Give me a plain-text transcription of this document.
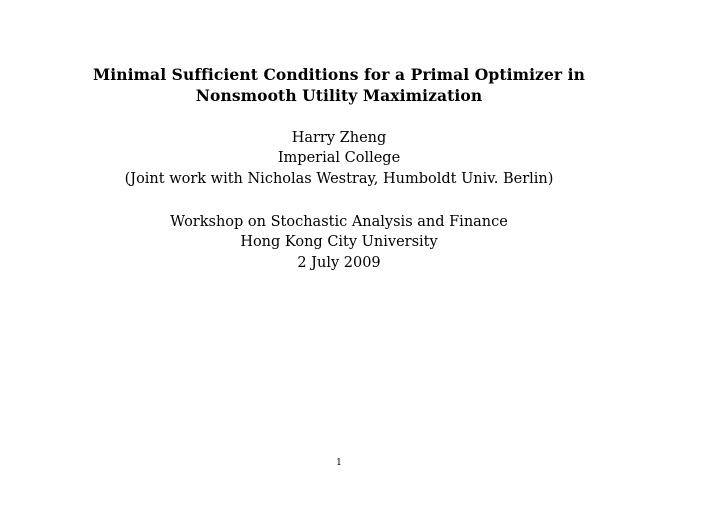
Minimal Sufficient Conditions for a Primal Optimizer in
Nonsmooth Utility Maximization
Harry Zheng
Imperial College
(Joint work with Nicholas Westray, Humboldt Univ. Berlin)
Workshop on Stochastic Analysis and Finance
Hong Kong City University
2 July 2009
1
